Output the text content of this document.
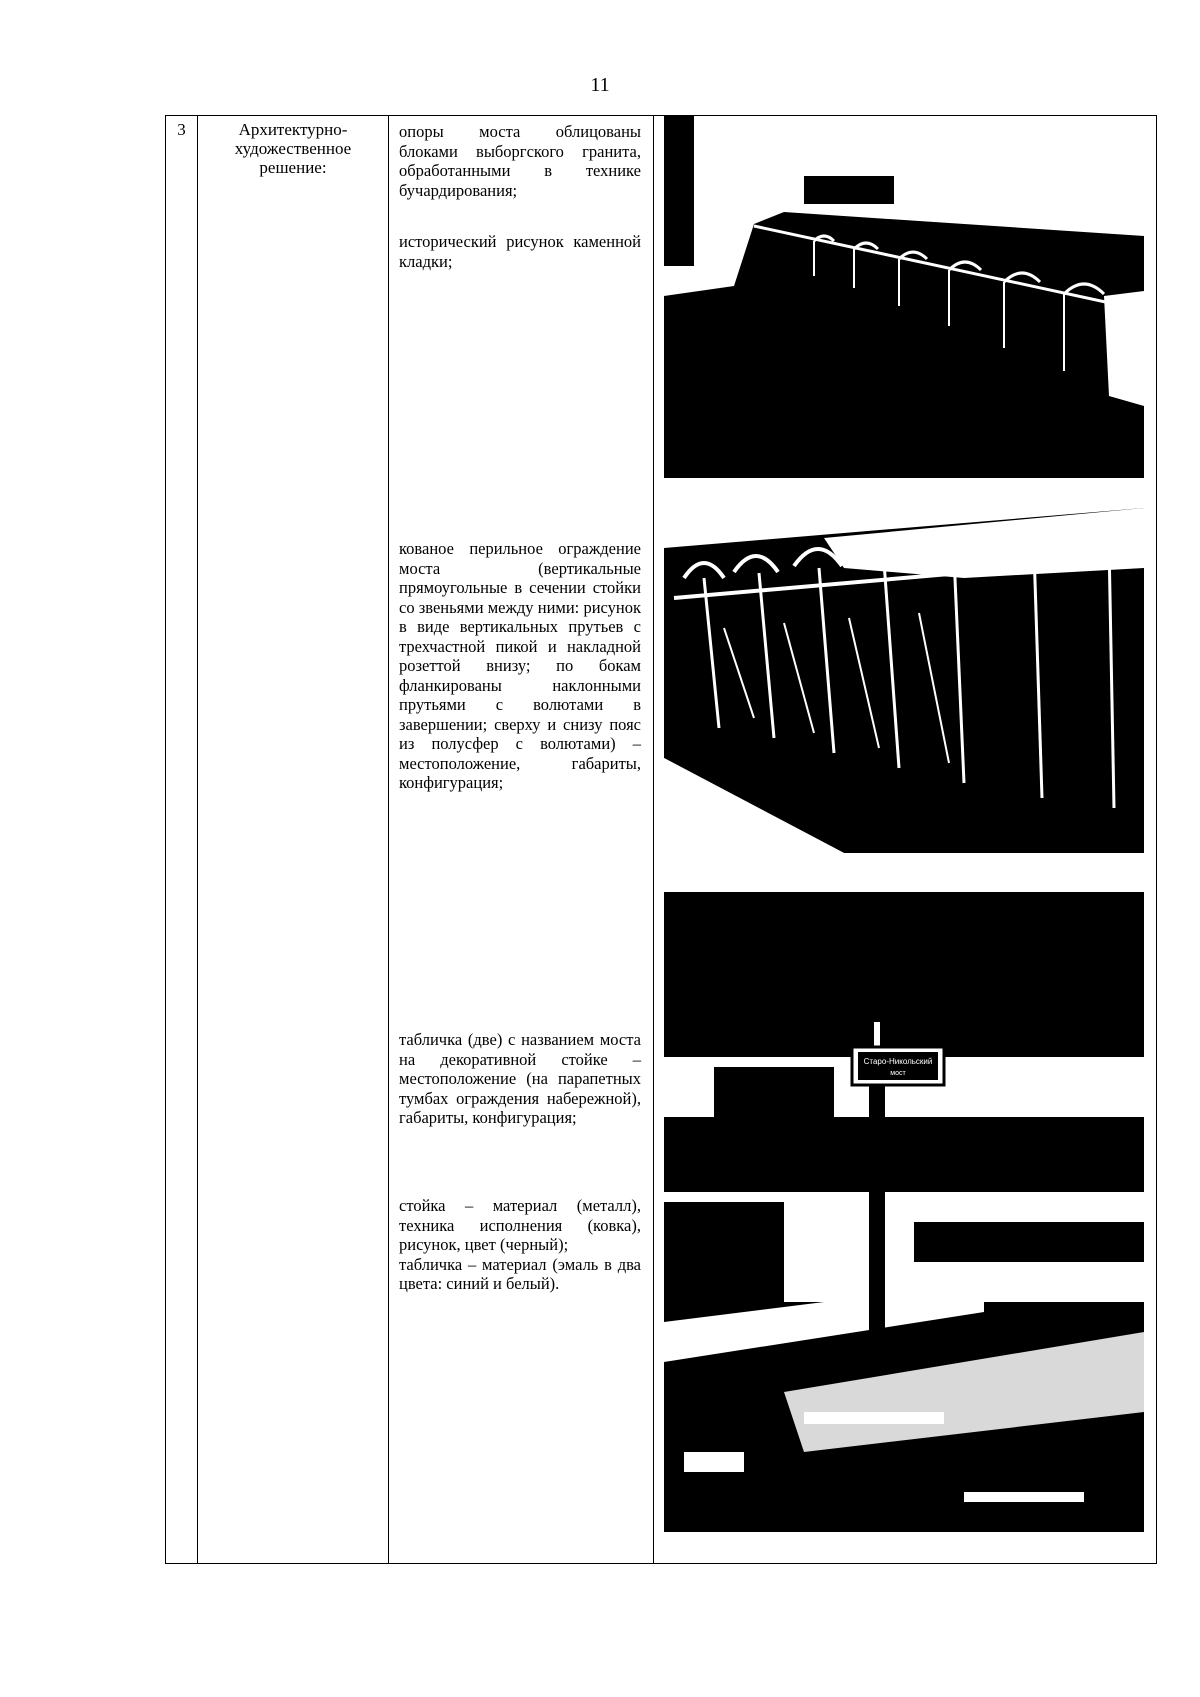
11
3	Архитектурно-художественное решение:	
опоры моста облицованы блоками выборгского гранита, обработанными в технике бучардирования;
исторический рисунок каменной кладки;
кованое перильное ограждение моста (вертикальные прямоугольные в сечении стойки со звеньями между ними: рисунок в виде вертикальных прутьев с трехчастной пикой и накладной розеттой внизу; по бокам фланкированы наклонными прутьями с волютами в завершении; сверху и снизу пояс из полусфер с волютами) – местоположение, габариты, конфигурация;
табличка (две) с названием моста на декоративной стойке – местоположение (на парапетных тумбах ограждения набережной), габариты, конфигурация;
стойка – материал (металл), техника исполнения (ковка), рисунок, цвет (черный);
табличка – материал (эмаль в два цвета: синий и белый).

Старо-Никольский
мост
